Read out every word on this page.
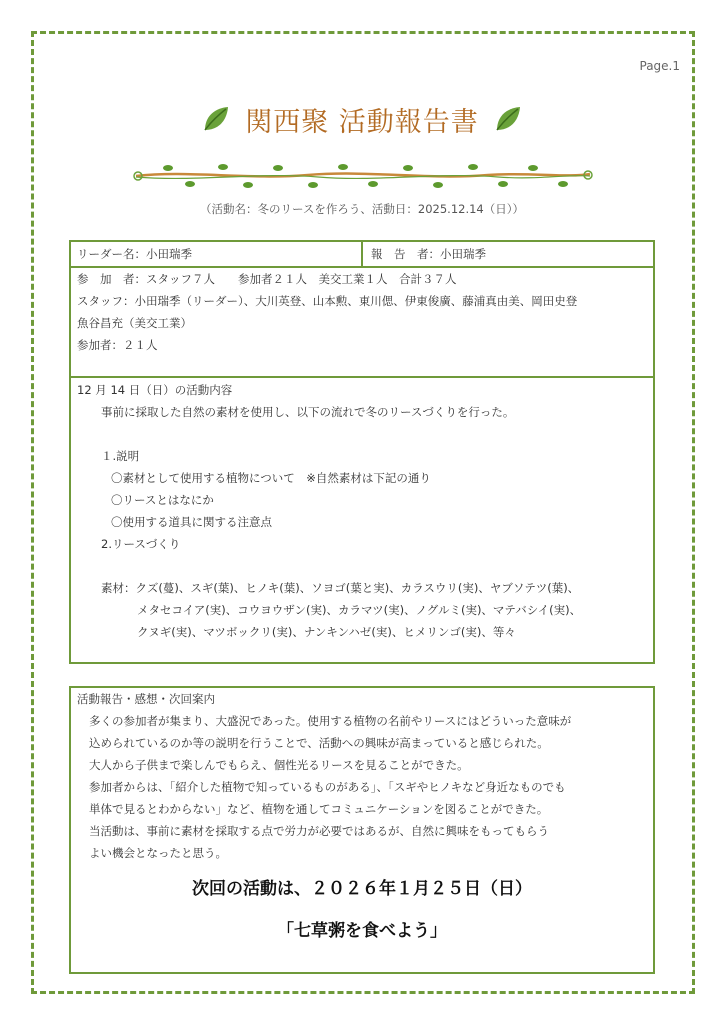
Page.1
関西聚 活動報告書
（活動名：冬のリースを作ろう、活動日：2025.12.14（日））
リーダー名：小田瑞季	報　告　者：小田瑞季
参　加　者：スタッフ７人　　参加者２１人　美交工業１人　合計３７人
スタッフ：小田瑞季（リーダー）、大川英登、山本勲、東川偲、伊東俊廣、藤浦真由美、岡田史登
魚谷昌充（美交工業）
参加者：２１人
12 月 14 日（日）の活動内容
事前に採取した自然の素材を使用し、以下の流れで冬のリースづくりを行った。
１.説明
〇素材として使用する植物について　※自然素材は下記の通り
〇リースとはなにか
〇使用する道具に関する注意点
2.リースづくり
素材：クズ(蔓)、スギ(葉)、ヒノキ(葉)、ソヨゴ(葉と実)、カラスウリ(実)、ヤブソテツ(葉)、
メタセコイア(実)、コウヨウザン(実)、カラマツ(実)、ノグルミ(実)、マテバシイ(実)、
クヌギ(実)、マツボックリ(実)、ナンキンハゼ(実)、ヒメリンゴ(実)、等々
活動報告・感想・次回案内
多くの参加者が集まり、大盛況であった。使用する植物の名前やリースにはどういった意味が
込められているのか等の説明を行うことで、活動への興味が高まっていると感じられた。
大人から子供まで楽しんでもらえ、個性光るリースを見ることができた。
参加者からは、「紹介した植物で知っているものがある」、「スギやヒノキなど身近なものでも
単体で見るとわからない」など、植物を通してコミュニケーションを図ることができた。
当活動は、事前に素材を採取する点で労力が必要ではあるが、自然に興味をもってもらう
よい機会となったと思う。
次回の活動は、２０２６年１月２５日（日）
「七草粥を食べよう」
